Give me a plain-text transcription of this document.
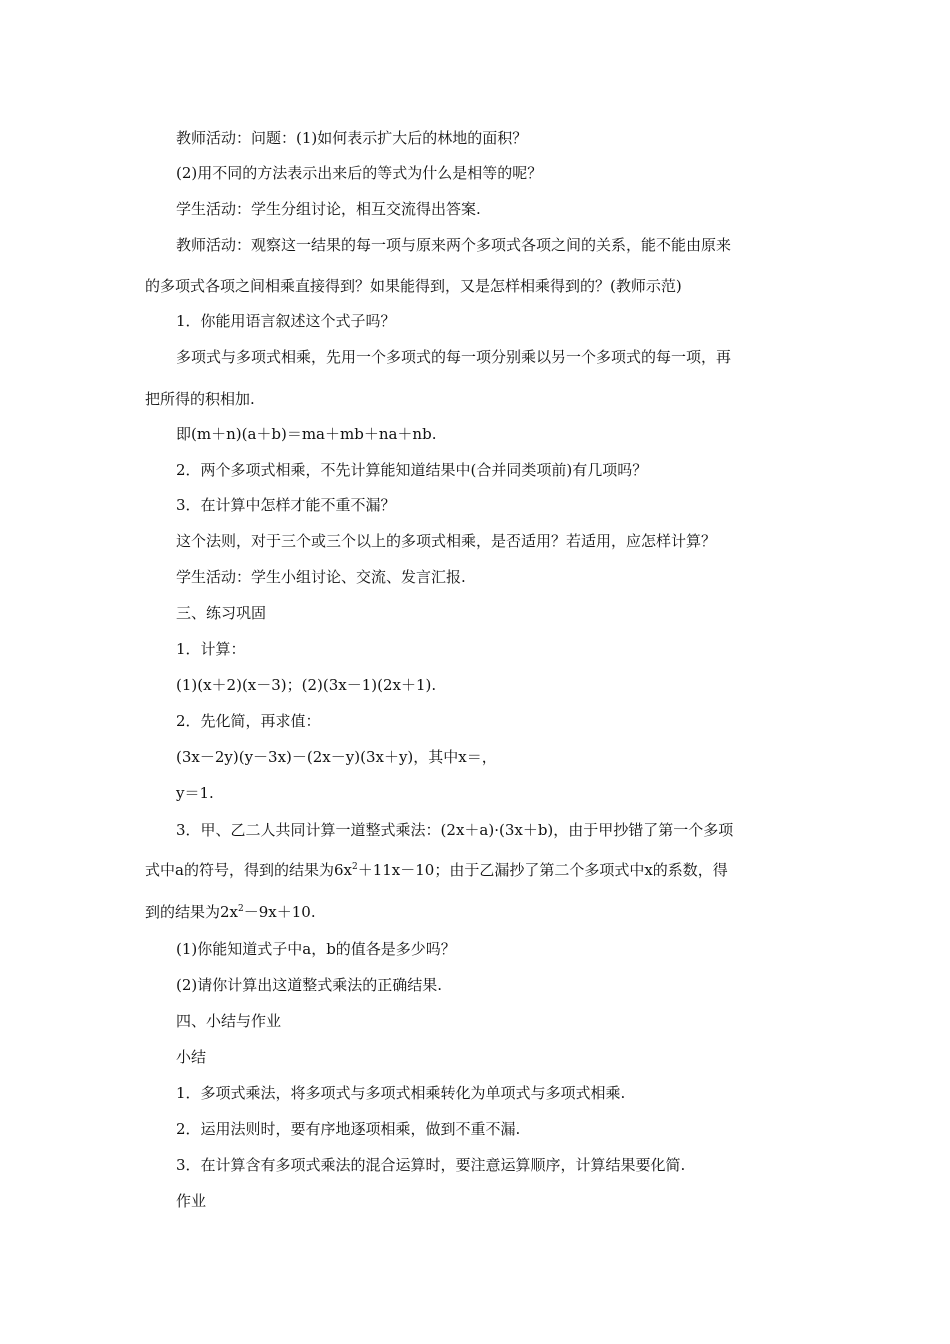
教师活动：问题：(1)如何表示扩大后的林地的面积？
(2)用不同的方法表示出来后的等式为什么是相等的呢？
学生活动：学生分组讨论，相互交流得出答案.
教师活动：观察这一结果的每一项与原来两个多项式各项之间的关系，能不能由原来
的多项式各项之间相乘直接得到？如果能得到，又是怎样相乘得到的？(教师示范)
1．你能用语言叙述这个式子吗？
多项式与多项式相乘，先用一个多项式的每一项分别乘以另一个多项式的每一项，再
把所得的积相加.
即(m＋n)(a＋b)＝ma＋mb＋na＋nb.
2．两个多项式相乘，不先计算能知道结果中(合并同类项前)有几项吗？
3．在计算中怎样才能不重不漏？
这个法则，对于三个或三个以上的多项式相乘，是否适用？若适用，应怎样计算？
学生活动：学生小组讨论、交流、发言汇报.
三、练习巩固
1．计算：
(1)(x＋2)(x－3)；(2)(3x－1)(2x＋1).
2．先化简，再求值：
(3x－2y)(y－3x)－(2x－y)(3x＋y)，其中x＝，
y＝1.
3．甲、乙二人共同计算一道整式乘法：(2x＋a)·(3x＋b)，由于甲抄错了第一个多项
式中a的符号，得到的结果为$6x^2+11x-10$；由于乙漏抄了第二个多项式中x的系数，得
到的结果为$2x^2-9x+10$.
(1)你能知道式子中a，b的值各是多少吗？
(2)请你计算出这道整式乘法的正确结果.
四、小结与作业
小结
1．多项式乘法，将多项式与多项式相乘转化为单项式与多项式相乘.
2．运用法则时，要有序地逐项相乘，做到不重不漏.
3．在计算含有多项式乘法的混合运算时，要注意运算顺序，计算结果要化简.
作业
